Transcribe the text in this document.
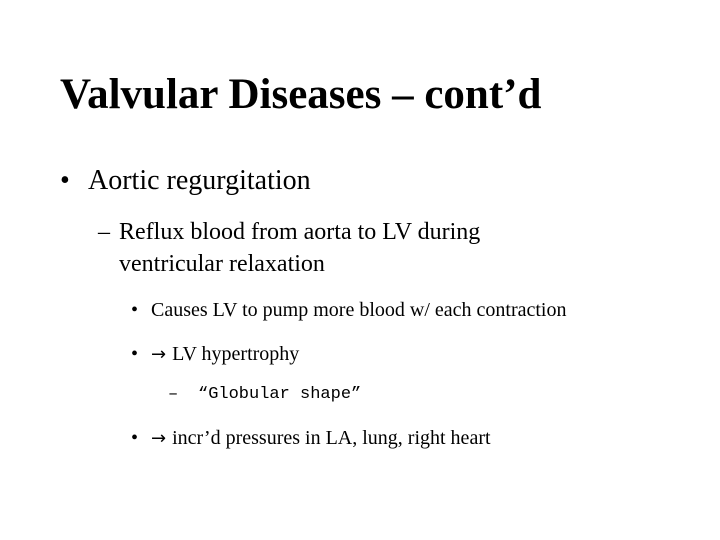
Valvular Diseases – cont’d
• Aortic regurgitation
– Reflux blood from aorta to LV during ventricular relaxation
• Causes LV to pump more blood w/ each contraction
• → LV hypertrophy
– “Globular shape”
• → incr’d pressures in LA, lung, right heart
